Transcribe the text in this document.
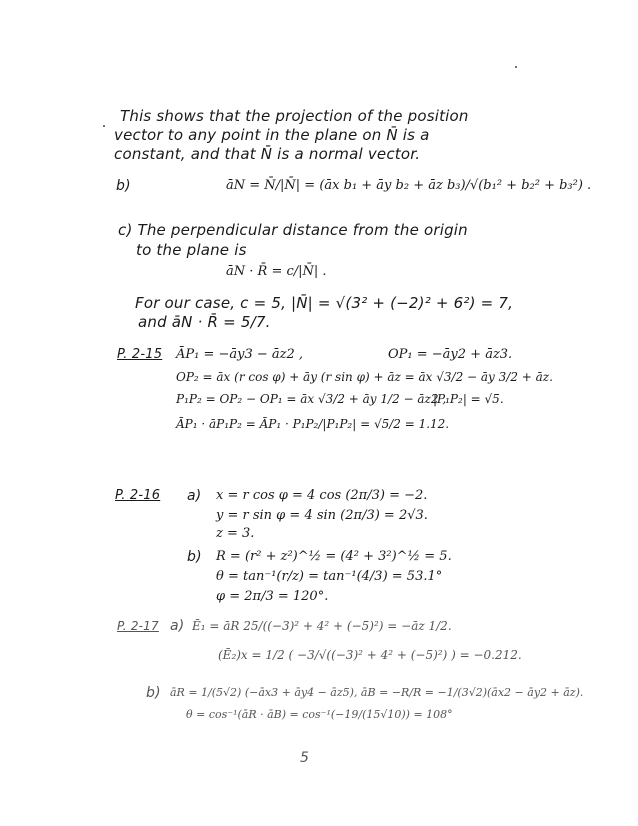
This shows that the projection of the position
vector to any point in the plane on N̄ is a
constant, and that N̄ is a normal vector.
b)	āN = N̄/|N̄| = (āx b₁ + āy b₂ + āz b₃)/√(b₁² + b₂² + b₃²) .
c) The perpendicular distance from the origin
to the plane is
āN · R̄ = c/|N̄| .
For our case, c = 5, |N̄| = √(3² + (−2)² + 6²) = 7,
and āN · R̄ = 5/7.
P. 2-15 ĀP₁ = −āy3 − āz2 ,	OP₁ = −āy2 + āz3.
OP₂ = āx (r cos φ) + āy (r sin φ) + āz = āx √3/2 − āy 3/2 + āz.
P₁P₂ = OP₂ − OP₁ = āx √3/2 + āy 1/2 − āz2 ,
|P₁P₂| = √5.
ĀP₁ · āP₁P₂ = ĀP₁ · P₁P₂/|P₁P₂| = √5/2 = 1.12.
P. 2-16 a) x = r cos φ = 4 cos (2π/3) = −2.
y = r sin φ = 4 sin (2π/3) = 2√3.
z = 3.
b) R = (r² + z²)^½ = (4² + 3²)^½ = 5.
θ = tan⁻¹(r/z) = tan⁻¹(4/3) = 53.1°
φ = 2π/3 = 120°.
P. 2-17 a) Ē₁ = āR 25/((−3)² + 4² + (−5)²) = −āz 1/2.
(Ē₂)x = 1/2 ( −3/√((−3)² + 4² + (−5)²) ) = −0.212.
b) āR = 1/(5√2) (−āx3 + āy4 − āz5), āB = −R/R = −1/(3√2)(āx2 − āy2 + āz).
θ = cos⁻¹(āR · āB) = cos⁻¹(−19/(15√10)) = 108°
5
